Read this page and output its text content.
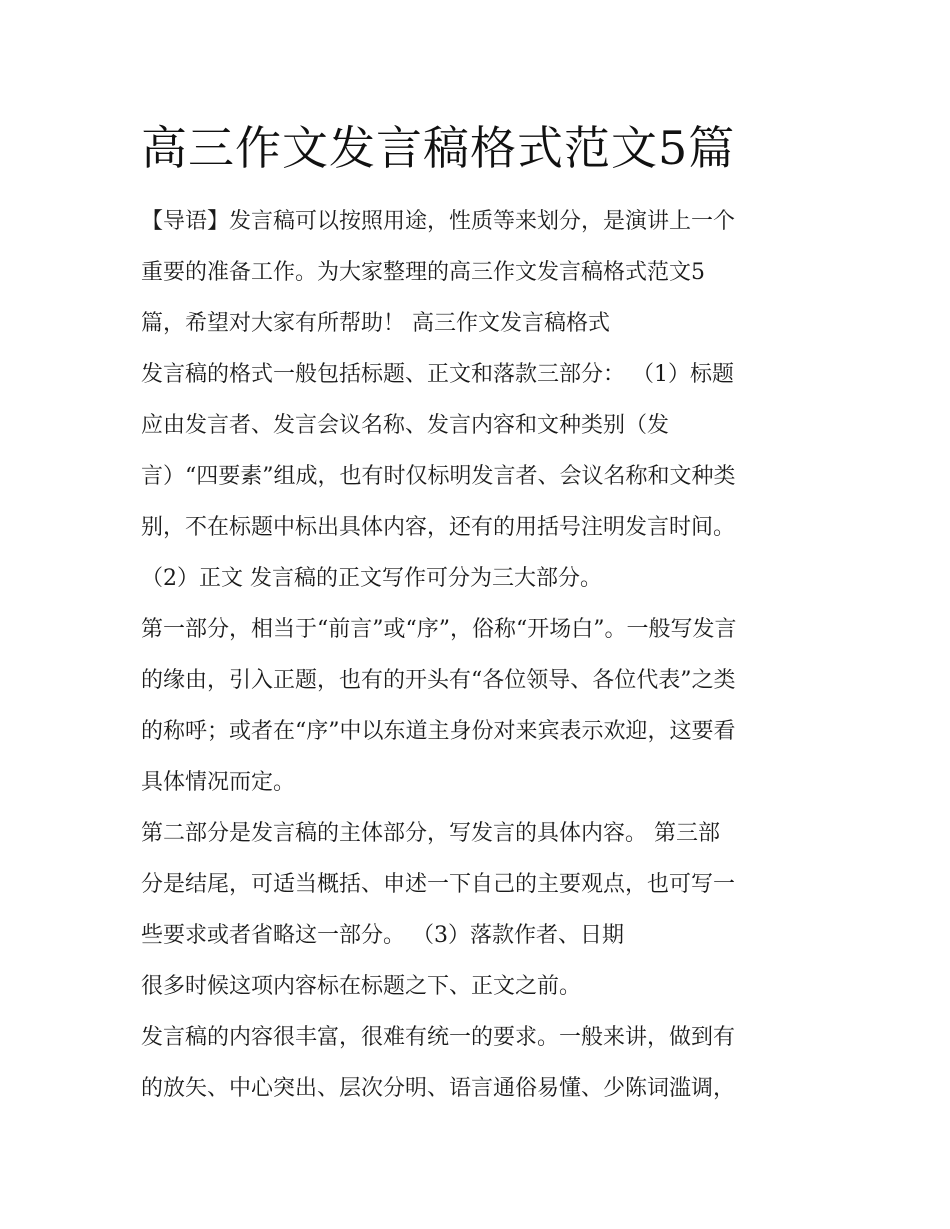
高三作文发言稿格式范文5篇
【导语】发言稿可以按照用途，性质等来划分，是演讲上一个
重要的准备工作。为大家整理的高三作文发言稿格式范文5
篇，希望对大家有所帮助！ 高三作文发言稿格式
发言稿的格式一般包括标题、正文和落款三部分： （1）标题
应由发言者、发言会议名称、发言内容和文种类别（发
言）“四要素”组成，也有时仅标明发言者、会议名称和文种类
别，不在标题中标出具体内容，还有的用括号注明发言时间。
（2）正文 发言稿的正文写作可分为三大部分。
第一部分，相当于“前言”或“序”，俗称“开场白”。一般写发言
的缘由，引入正题，也有的开头有“各位领导、各位代表”之类
的称呼；或者在“序”中以东道主身份对来宾表示欢迎，这要看
具体情况而定。
第二部分是发言稿的主体部分，写发言的具体内容。 第三部
分是结尾，可适当概括、申述一下自己的主要观点，也可写一
些要求或者省略这一部分。 （3）落款作者、日期
很多时候这项内容标在标题之下、正文之前。
发言稿的内容很丰富，很难有统一的要求。一般来讲，做到有
的放矢、中心突出、层次分明、语言通俗易懂、少陈词滥调，
